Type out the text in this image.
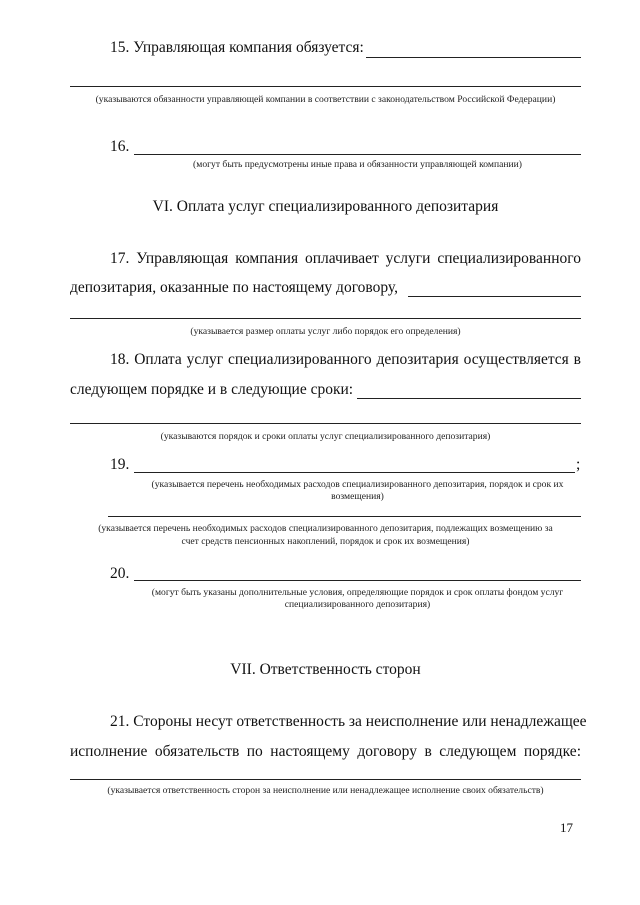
15. Управляющая компания обязуется:
(указываются обязанности управляющей компании в соответствии с законодательством Российской Федерации)
16.
(могут быть предусмотрены иные права и обязанности управляющей компании)
VI. Оплата услуг специализированного депозитария
17. Управляющая компания оплачивает услуги специализированного
депозитария, оказанные по настоящему договору,
(указывается размер оплаты услуг либо порядок его определения)
18. Оплата услуг специализированного депозитария осуществляется в
следующем порядке и в следующие сроки:
(указываются порядок и сроки оплаты услуг специализированного депозитария)
19.	;
(указывается перечень необходимых расходов специализированного депозитария, порядок и срок их
возмещения)
(указывается перечень необходимых расходов специализированного депозитария, подлежащих возмещению за
счет средств пенсионных накоплений, порядок и срок их возмещения)
20.
(могут быть указаны дополнительные условия, определяющие порядок и срок оплаты фондом услуг
специализированного депозитария)
VII. Ответственность сторон
21. Стороны несут ответственность за неисполнение или ненадлежащее
исполнение обязательств по настоящему договору в следующем порядке:
(указывается ответственность сторон за неисполнение или ненадлежащее исполнение своих обязательств)
17
